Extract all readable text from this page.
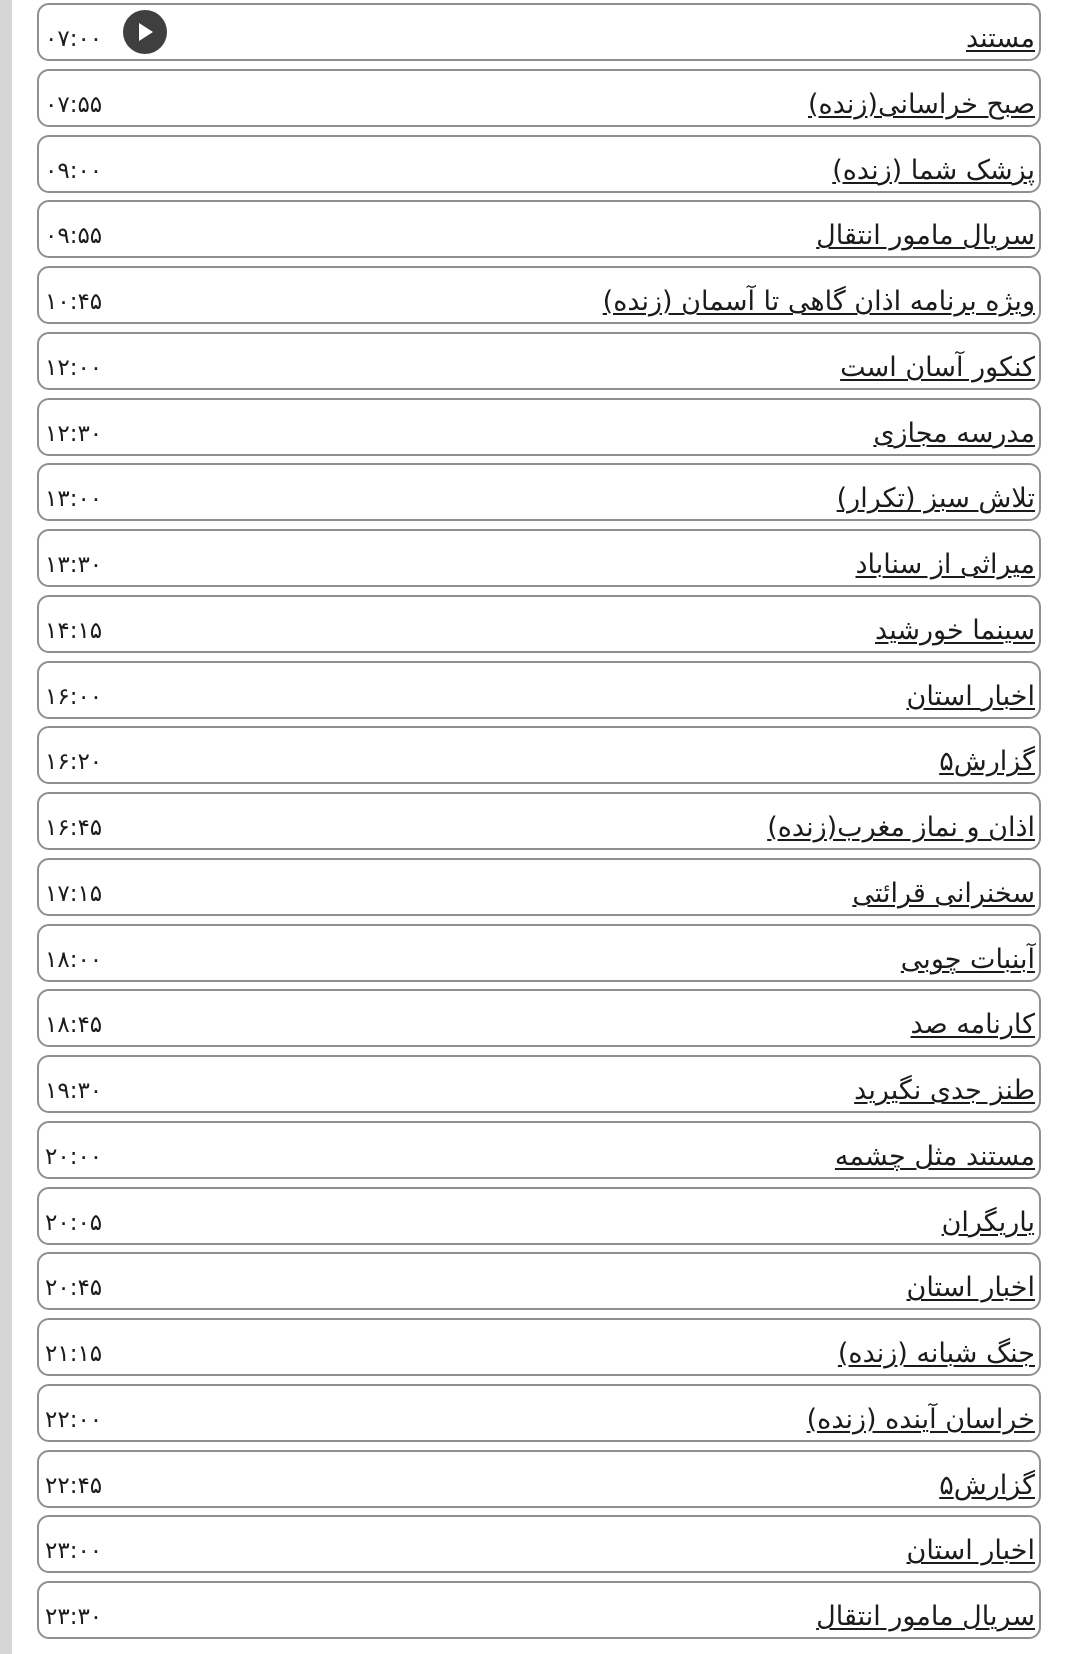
مستند
۰۷:۰۰
صبح خراسانی(زنده)
۰۷:۵۵
پزشک شما (زنده)
۰۹:۰۰
سریال مامور انتقال
۰۹:۵۵
ویژه برنامه اذان گاهی تا آسمان (زنده)
۱۰:۴۵
کنکور آسان است
۱۲:۰۰
مدرسه مجازی
۱۲:۳۰
تلاش سبز (تکرار)
۱۳:۰۰
میراثی از سناباد
۱۳:۳۰
سینما خورشید
۱۴:۱۵
اخبار استان
۱۶:۰۰
گزارش۵
۱۶:۲۰
اذان و نماز مغرب(زنده)
۱۶:۴۵
سخنرانی قرائتی
۱۷:۱۵
آبنبات چوبی
۱۸:۰۰
کارنامه صد
۱۸:۴۵
طنز جدی نگیرید
۱۹:۳۰
مستند مثل چشمه
۲۰:۰۰
یاریگران
۲۰:۰۵
اخبار استان
۲۰:۴۵
جنگ شبانه (زنده)
۲۱:۱۵
خراسان آینده (زنده)
۲۲:۰۰
گزارش۵
۲۲:۴۵
اخبار استان
۲۳:۰۰
سریال مامور انتقال
۲۳:۳۰
